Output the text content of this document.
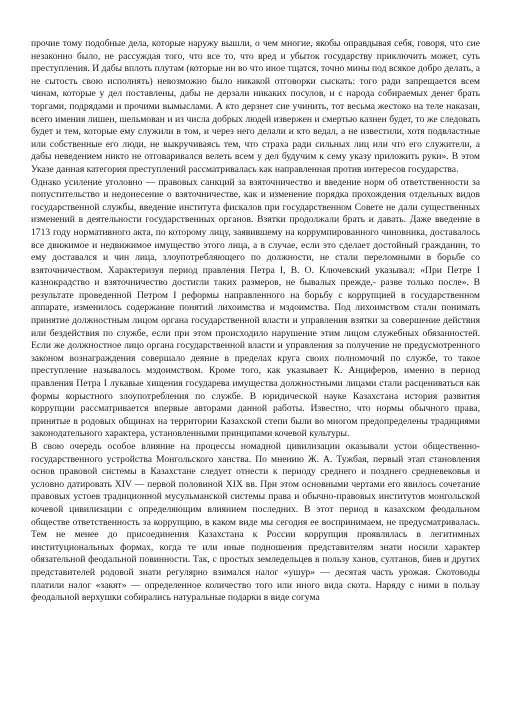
прочие тому подобные дела, которые наружу вышли, о чем многие, якобы оправдывая себя, говоря, что сие незаконно было, не рассуждая того, что все то, что вред и убыток государству приключить может, суть преступления. И дабы вплоть плутам (которые ни во что иное тщатся, точно мины под всякое добро делать, а не сытость свою исполнять) невозможно было никакой отговорки сыскать: того ради запрещается всем чинам, которые у дел поставлены, дабы не дерзали никаких посулов, и с народа собираемых денег брать торгами, подрядами и прочими вымыслами. А кто дерзнет сие учинить, тот весьма жестоко на теле наказан, всего имения лишен, шельмован и из числа добрых людей извержен и смертью казнен будет, то же следовать будет и тем, которые ему служили в том, и через него делали и кто ведал, а не известили, хотя подвластные или собственные его люди, не выкручиваясь тем, что страха ради сильных лиц или что его служители, а дабы неведением никто не отговаривался велеть всем у дел будучим к сему указу приложить руки». В этом Указе данная категория преступлений рассматривалась как направленная против интересов государства.

Однако усиление уголовно — правовых санкций за взяточничество и введение норм об ответственности за попустительство и недонесение о взяточничестве, как и изменение порядка прохождения отдельных видов государственной службы, введение института фискалов при государственном Совете не дали существенных изменений в деятельности государственных органов. Взятки продолжали брать и давать. Даже введение в 1713 году нормативного акта, по которому лицу, заявившему на коррумпированного чиновника, доставалось все движимое и недвижимое имущество этого лица, а в случае, если это сделает достойный гражданин, то ему доставался и чин лица, злоупотребляющего по должности, не стали переломными в борьбе со взяточничеством. Характеризуя период правления Петра I, В. О. Ключевский указывал: «При Петре I казнокрадство и взяточничество достигли таких размеров, не бывалых прежде,- разве только после». В результате проведенной Петром I реформы направленного на борьбу с коррупцией в государственном аппарате, изменилось содержание понятий лихоимства и мздоимства. Под лихоимством стали понимать принятие должностным лицом органа государственной власти и управления взятки за совершение действия или бездействия по службе, если при этом происходило нарушение этим лицом служебных обязанностей. Если же должностное лицо органа государственной власти и управления за получение не предусмотренного законом вознаграждения совершало деяние в пределах круга своих полномочий по службе, то такое преступление называлось мздоимством. Кроме того, как указывает К. Анциферов, именно в период правления Петра I лукавые хищения государева имущества должностными лицами стали расцениваться как формы корыстного злоупотребления по службе. В юридической науке Казахстана история развития коррупции рассматривается впервые авторами данной работы. Известно, что нормы обычного права, принятые в родовых общинах на территории Казахской степи были во многом предопределены традициями законодательного характера, установленными принципами кочевой культуры.

В свою очередь особое влияние на процессы номадной цивилизации оказывали устои общественно-государственного устройства Монгольского ханства. По мнению Ж. А. Тужбая, первый этап становления основ правовой системы в Казахстане следует отнести к периоду среднего и позднего средневековья и условно датировать XIV — первой половиной XIX вв. При этом основными чертами его явилось сочетание правовых устоев традиционной мусульманской системы права и обычно-правовых институтов монгольской кочевой цивилизации с определяющим влиянием последних. В этот период в казахском феодальном обществе ответственность за коррупцию, в каком виде мы сегодня ее воспринимаем, не предусматривалась. Тем не менее до присоединения Казахстана к России коррупция проявлялась в легитимных институциональных формах, когда те или иные подношения представителям знати носили характер обязательной феодальной повинности. Так, с простых земледельцев в пользу ханов, султанов, биев и других представителей родовой знати регулярно взимался налог «ушур» — десятая часть урожая. Скотоводы платили налог «закят» — определенное количество того или иного вида скота. Наряду с ними в пользу феодальной верхушки собирались натуральные подарки в виде согума
